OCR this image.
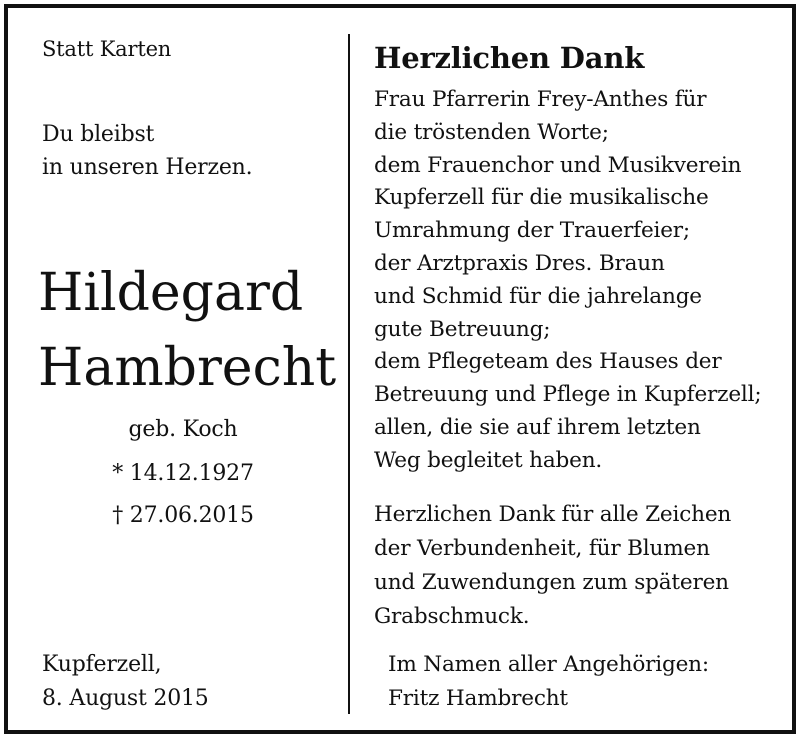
Statt Karten

Du bleibst
in unseren Herzen.

Hildegard
Hambrecht

geb. Koch

* 14.12.1927

† 27.06.2015

Kupferzell,
8. August 2015

Herzlichen Dank

Frau Pfarrerin Frey-Anthes für
die tröstenden Worte;
dem Frauenchor und Musikverein
Kupferzell für die musikalische
Umrahmung der Trauerfeier;
der Arztpraxis Dres. Braun
und Schmid für die jahrelange
gute Betreuung;
dem Pflegeteam des Hauses der
Betreuung und Pflege in Kupferzell;
allen, die sie auf ihrem letzten
Weg begleitet haben.

Herzlichen Dank für alle Zeichen
der Verbundenheit, für Blumen
und Zuwendungen zum späteren
Grabschmuck.

Im Namen aller Angehörigen:
Fritz Hambrecht
